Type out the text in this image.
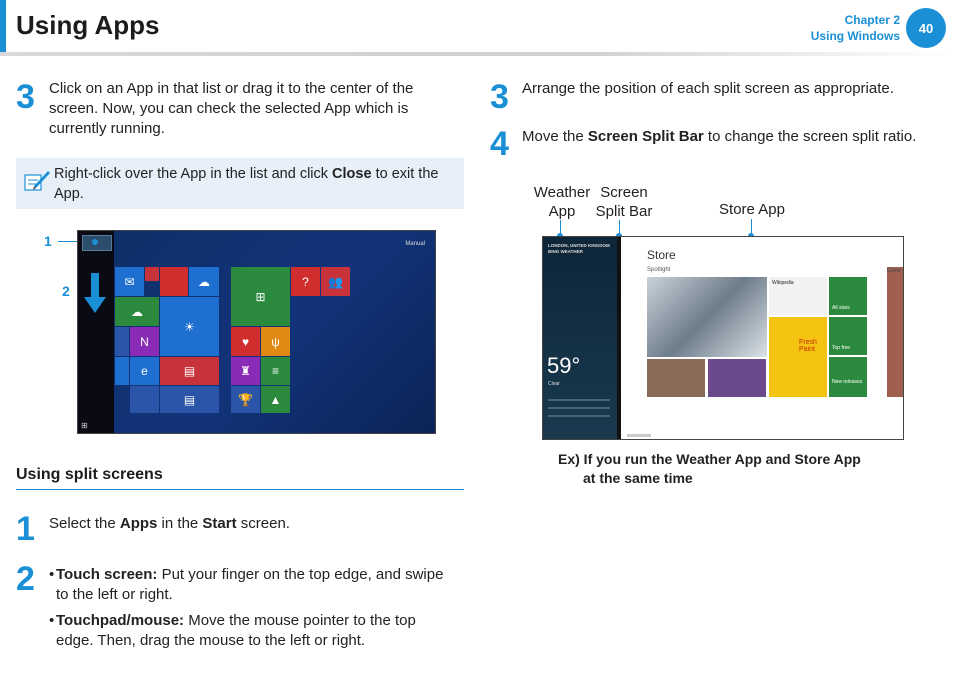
Using Apps	Chapter 2
Using Windows
40
3 Click on an App in that list or drag it to the center of the screen. Now, you can check the selected App which is currently running.
Right-click over the App in the list and click Close to exit the App.
1
2
✉
☁
N
e
☁
☀
▤
▤
⊞
?	👥
♥	ψ
♜	≡
🏆	▲
Manual
⊞
Using split screens
1 Select the Apps in the Start screen.
2 • Touch screen: Put your finger on the top edge, and swipe to the left or right.
• Touchpad/mouse: Move the mouse pointer to the top edge. Then, drag the mouse to the left or right.
3 Arrange the position of each split screen as appropriate.
4 Move the Screen Split Bar to change the screen split ratio.
Weather App
Screen Split Bar	Store App
LONDON, UNITED KINGDOM
BING WEATHER
59°
Clear
Store
Spotlight
Wikipedia
Fresh Paint
All stars
Top free
New releases
Game
Ex) If you run the Weather App and Store App
at the same time
